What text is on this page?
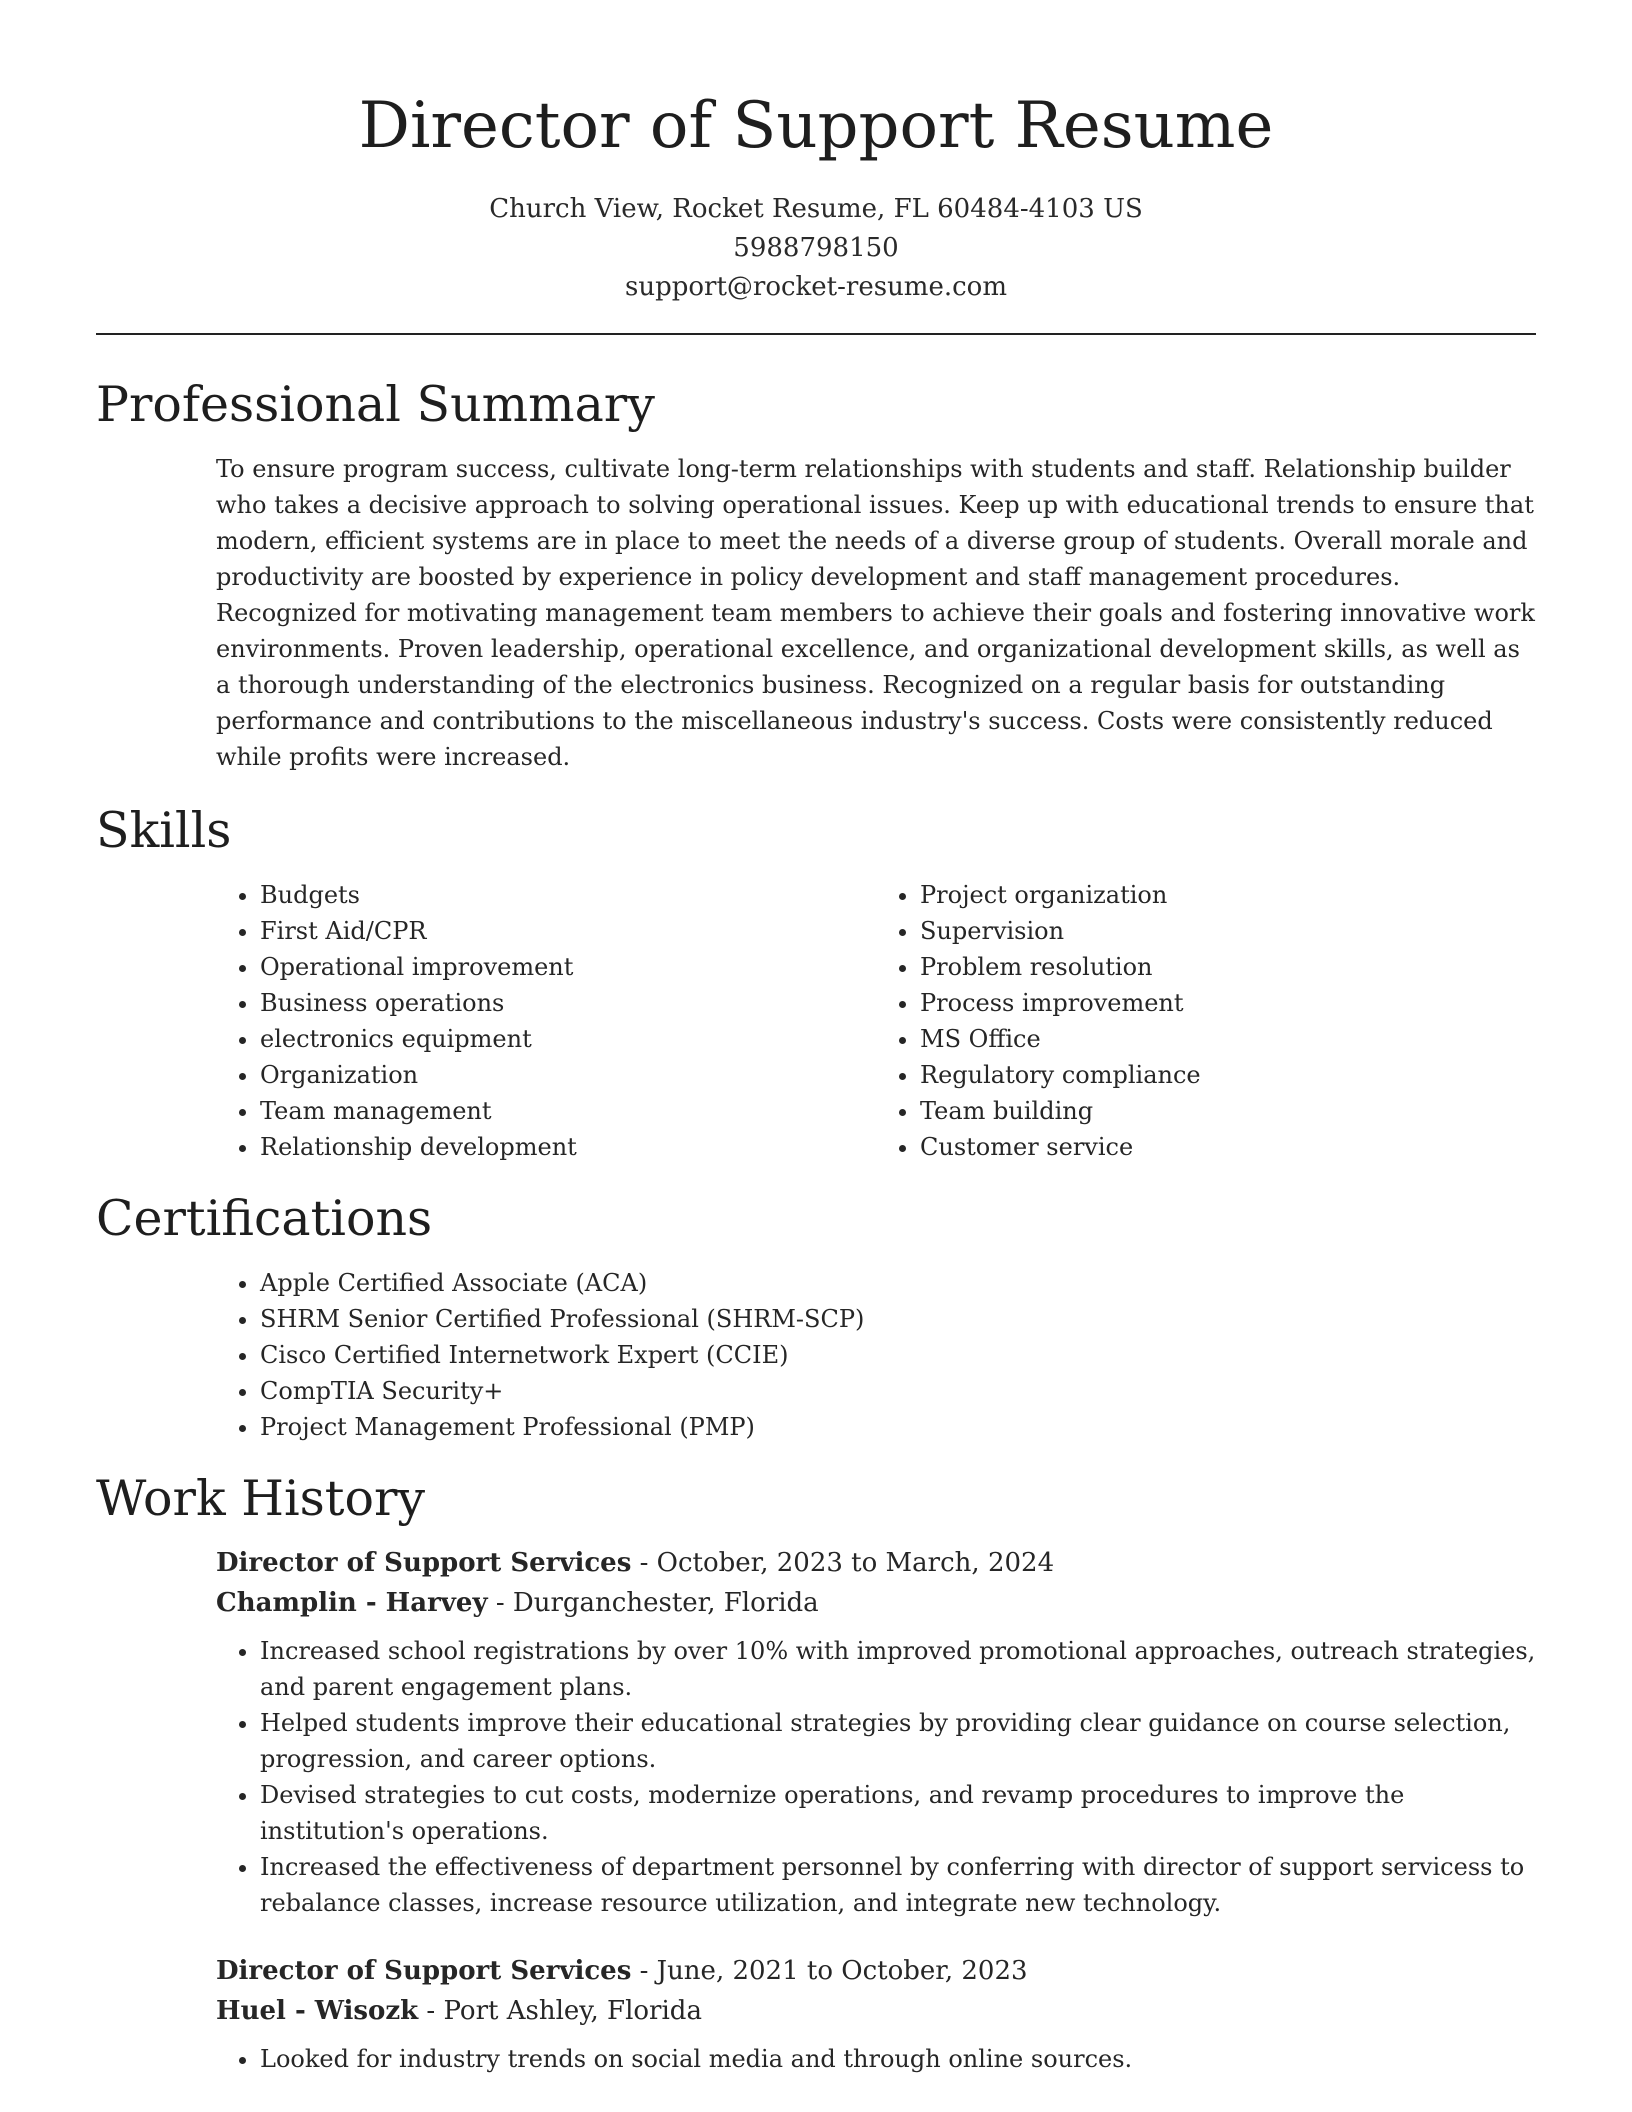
Director of Support Resume
Church View, Rocket Resume, FL 60484-4103 US
5988798150
support@rocket-resume.com
Professional Summary

To ensure program success, cultivate long-term relationships with students and staff. Relationship builder who takes a decisive approach to solving operational issues. Keep up with educational trends to ensure that modern, efficient systems are in place to meet the needs of a diverse group of students. Overall morale and productivity are boosted by experience in policy development and staff management procedures. Recognized for motivating management team members to achieve their goals and fostering innovative work environments. Proven leadership, operational excellence, and organizational development skills, as well as a thorough understanding of the electronics business. Recognized on a regular basis for outstanding performance and contributions to the miscellaneous industry's success. Costs were consistently reduced while profits were increased.

Skills
• Budgets
• First Aid/CPR
• Operational improvement
• Business operations
• electronics equipment
• Organization
• Team management
• Relationship development
• Project organization
• Supervision
• Problem resolution
• Process improvement
• MS Office
• Regulatory compliance
• Team building
• Customer service
Certifications
• Apple Certified Associate (ACA)
• SHRM Senior Certified Professional (SHRM-SCP)
• Cisco Certified Internetwork Expert (CCIE)
• CompTIA Security+
• Project Management Professional (PMP)
Work History
Director of Support Services - October, 2023 to March, 2024
Champlin - Harvey - Durganchester, Florida
• Increased school registrations by over 10% with improved promotional approaches, outreach strategies, and parent engagement plans.
• Helped students improve their educational strategies by providing clear guidance on course selection, progression, and career options.
• Devised strategies to cut costs, modernize operations, and revamp procedures to improve the institution's operations.
• Increased the effectiveness of department personnel by conferring with director of support servicess to rebalance classes, increase resource utilization, and integrate new technology.
Director of Support Services - June, 2021 to October, 2023
Huel - Wisozk - Port Ashley, Florida
• Looked for industry trends on social media and through online sources.
